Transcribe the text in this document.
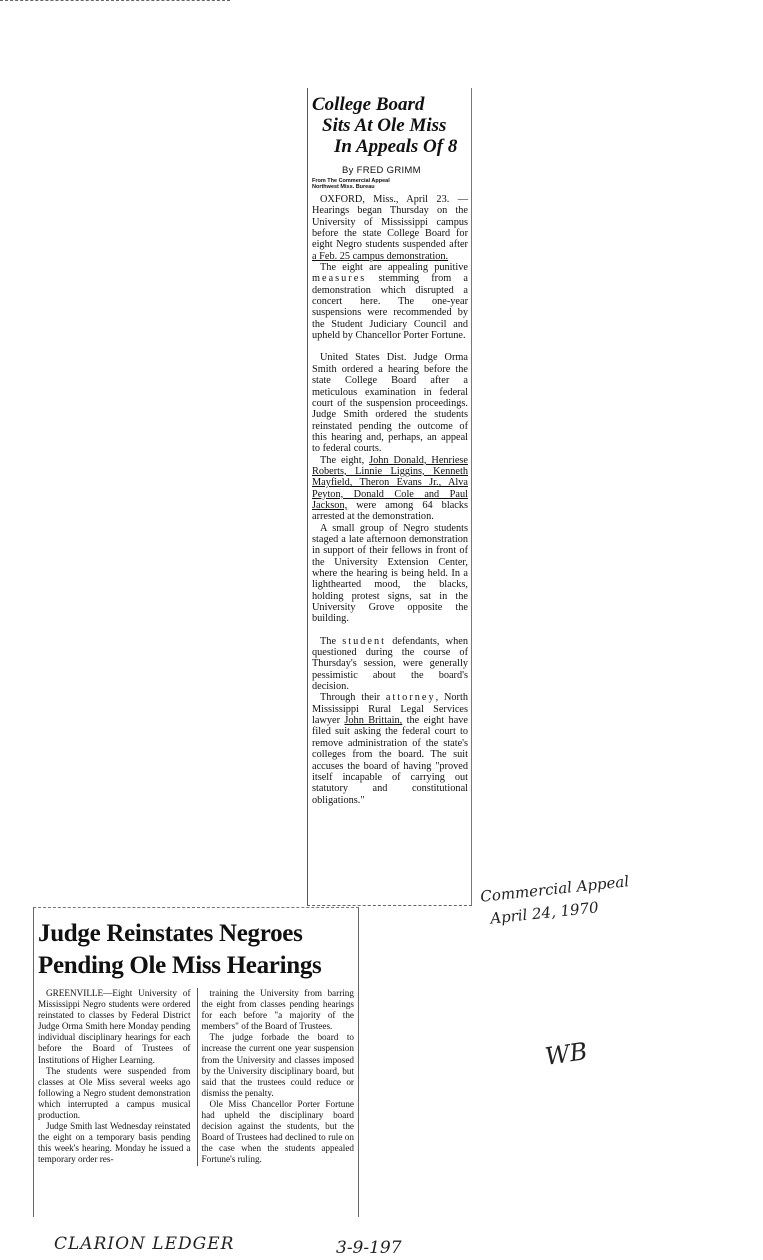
College Board
Sits At Ole Miss
In Appeals Of 8
By FRED GRIMM
From The Commercial Appeal
Northwest Miss. Bureau

OXFORD, Miss., April 23. — Hearings began Thursday on the University of Mississippi campus before the state College Board for eight Negro students suspended after a Feb. 25 campus demonstration.

The eight are appealing punitive measures stemming from a demonstration which disrupted a concert here. The one-year suspensions were recommended by the Student Judiciary Council and upheld by Chancellor Porter Fortune.

United States Dist. Judge Orma Smith ordered a hearing before the state College Board after a meticulous examination in federal court of the suspension proceedings. Judge Smith ordered the students reinstated pending the outcome of this hearing and, perhaps, an appeal to federal courts.

The eight, John Donald, Henriese Roberts, Linnie Liggins, Kenneth Mayfield, Theron Evans Jr., Alva Peyton, Donald Cole and Paul Jackson, were among 64 blacks arrested at the demonstration.

A small group of Negro students staged a late afternoon demonstration in support of their fellows in front of the University Extension Center, where the hearing is being held. In a lighthearted mood, the blacks, holding protest signs, sat in the University Grove opposite the building.

The student defendants, when questioned during the course of Thursday's session, were generally pessimistic about the board's decision.

Through their attorney, North Mississippi Rural Legal Services lawyer John Brittain, the eight have filed suit asking the federal court to remove administration of the state's colleges from the board. The suit accuses the board of having "proved itself incapable of carrying out statutory and constitutional obligations."

Judge Reinstates Negroes
Pending Ole Miss Hearings

GREENVILLE—Eight University of Mississippi Negro students were ordered reinstated to classes by Federal District Judge Orma Smith here Monday pending individual disciplinary hearings for each before the Board of Trustees of Institutions of Higher Learning.

The students were suspended from classes at Ole Miss several weeks ago following a Negro student demonstration which interrupted a campus musical production.

Judge Smith last Wednesday reinstated the eight on a temporary basis pending this week's hearing. Monday he issued a temporary order res-

training the University from barring the eight from classes pending hearings for each before "a majority of the members" of the Board of Trustees.

The judge forbade the board to increase the current one year suspension from the University and classes imposed by the University disciplinary board, but said that the trustees could reduce or dismiss the penalty.

Ole Miss Chancellor Porter Fortune had upheld the disciplinary board decision against the students, but the Board of Trustees had declined to rule on the case when the students appealed Fortune's ruling.

Commercial Appeal
April 24, 1970
WB
CLARION LEDGER	3-9-197
